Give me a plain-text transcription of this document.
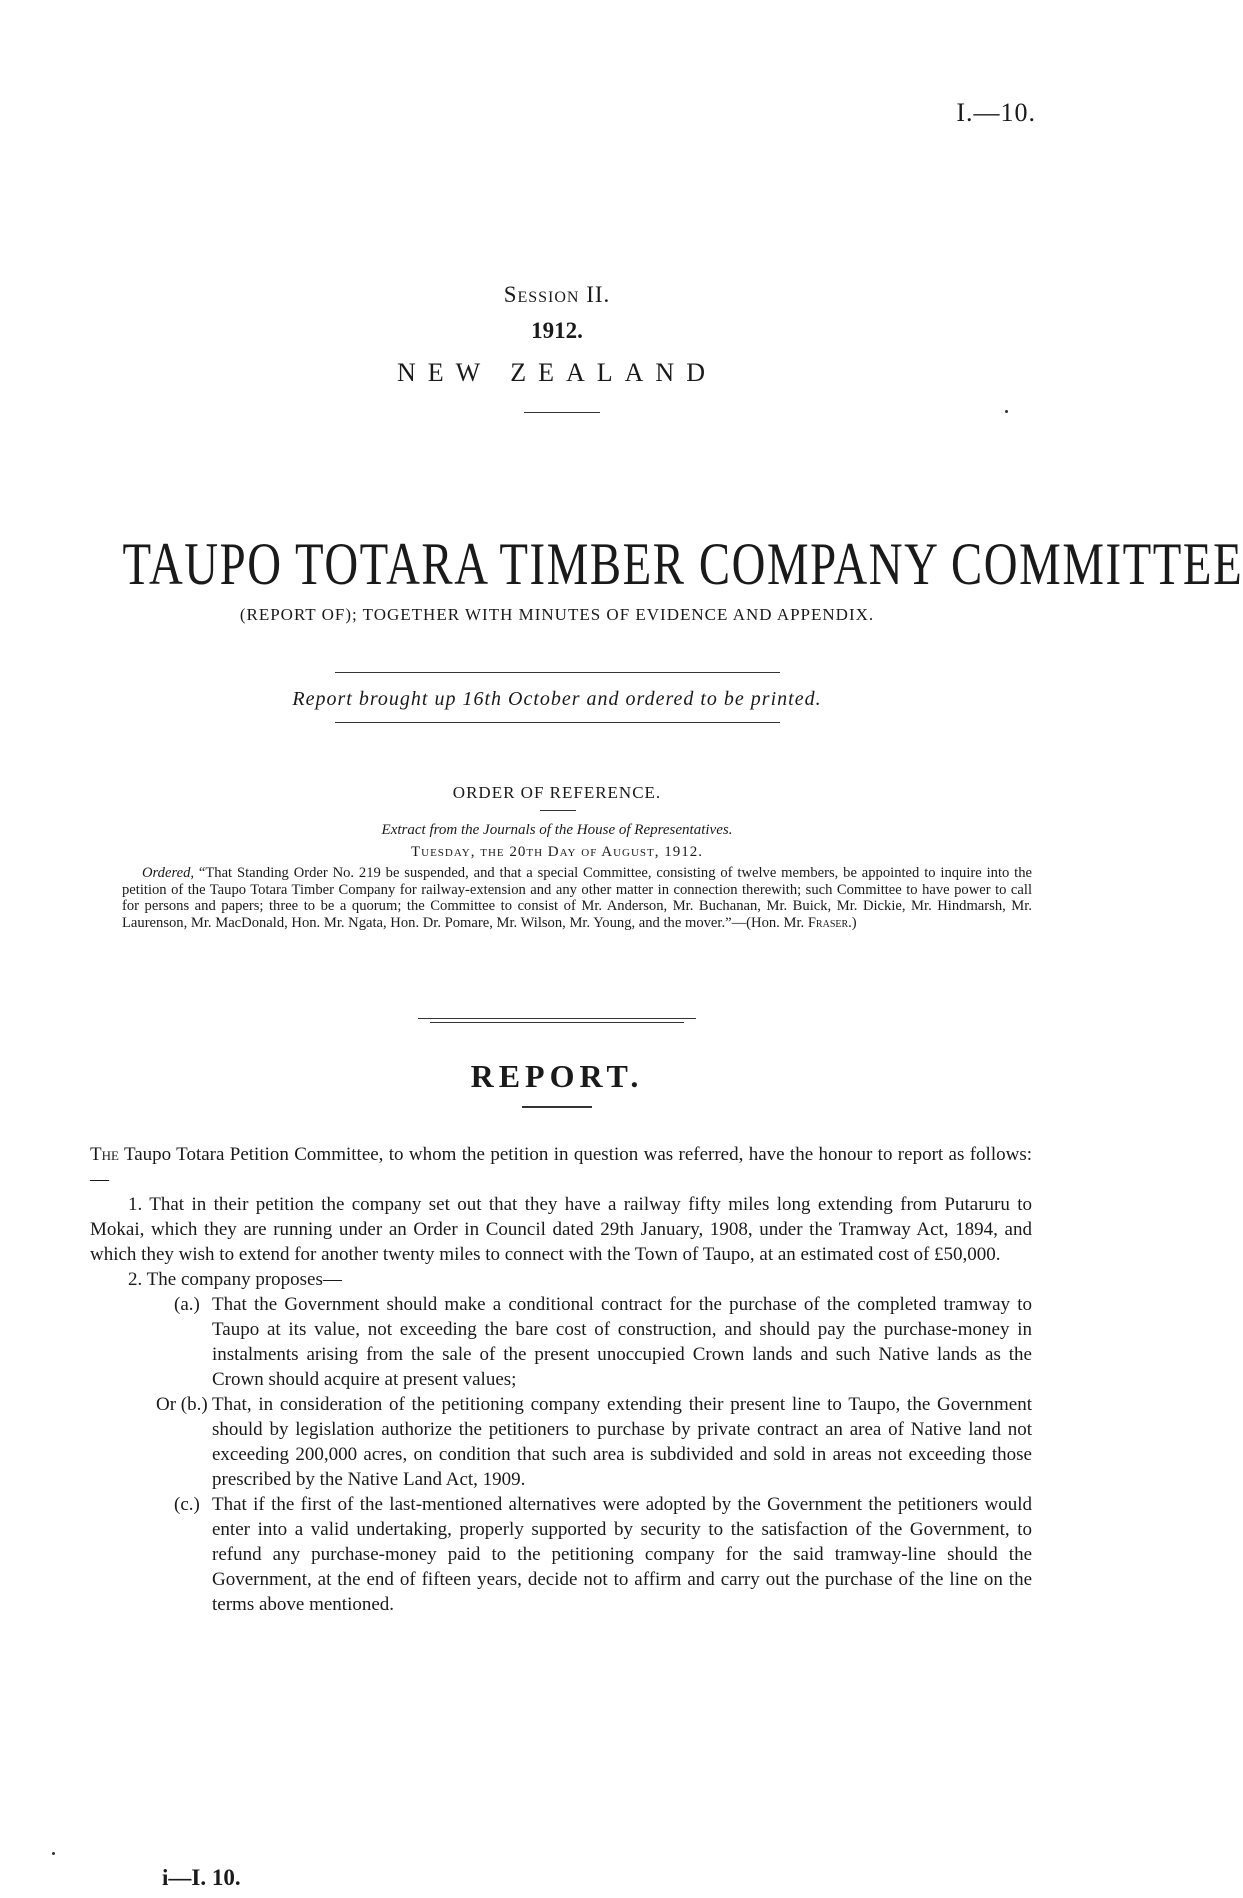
I.—10.
Session II.
1912.
NEW ZEALAND
TAUPO TOTARA TIMBER COMPANY COMMITTEE
(REPORT OF); TOGETHER WITH MINUTES OF EVIDENCE AND APPENDIX.
Report brought up 16th October and ordered to be printed.
ORDER OF REFERENCE.
Extract from the Journals of the House of Representatives.
Tuesday, the 20th Day of August, 1912.
Ordered, “That Standing Order No. 219 be suspended, and that a special Committee, consisting of twelve members, be appointed to inquire into the petition of the Taupo Totara Timber Company for railway-extension and any other matter in connection therewith; such Committee to have power to call for persons and papers; three to be a quorum; the Committee to consist of Mr. Anderson, Mr. Buchanan, Mr. Buick, Mr. Dickie, Mr. Hindmarsh, Mr. Laurenson, Mr. MacDonald, Hon. Mr. Ngata, Hon. Dr. Pomare, Mr. Wilson, Mr. Young, and the mover.”—(Hon. Mr. Fraser.)
REPORT.

The Taupo Totara Petition Committee, to whom the petition in question was referred, have the honour to report as follows:—

1. That in their petition the company set out that they have a railway fifty miles long extending from Putaruru to Mokai, which they are running under an Order in Council dated 29th January, 1908, under the Tramway Act, 1894, and which they wish to extend for another twenty miles to connect with the Town of Taupo, at an estimated cost of £50,000.

2. The company proposes—

(a.) That the Government should make a conditional contract for the purchase of the completed tramway to Taupo at its value, not exceeding the bare cost of construction, and should pay the purchase-money in instalments arising from the sale of the present unoccupied Crown lands and such Native lands as the Crown should acquire at present values;

Or (b.) That, in consideration of the petitioning company extending their present line to Taupo, the Government should by legislation authorize the petitioners to purchase by private contract an area of Native land not exceeding 200,000 acres, on condition that such area is subdivided and sold in areas not exceeding those prescribed by the Native Land Act, 1909.

(c.) That if the first of the last-mentioned alternatives were adopted by the Government the petitioners would enter into a valid undertaking, properly supported by security to the satisfaction of the Government, to refund any purchase-money paid to the petitioning company for the said tramway-line should the Government, at the end of fifteen years, decide not to affirm and carry out the purchase of the line on the terms above mentioned.

i—I. 10.
